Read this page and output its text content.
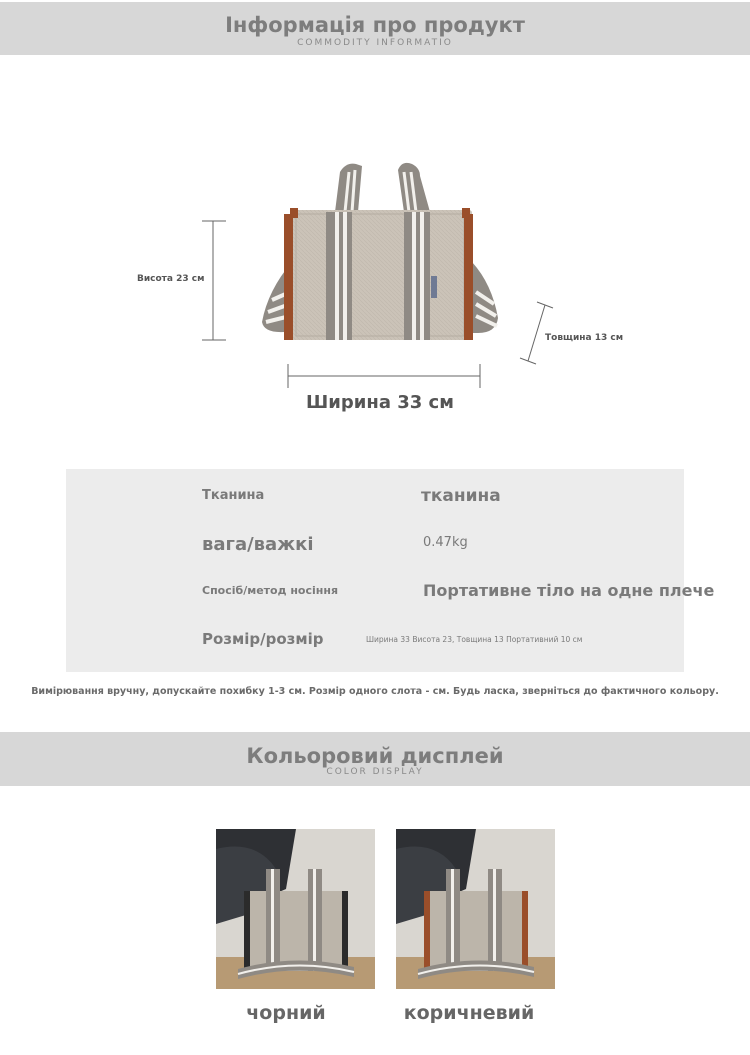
Інформація про продукт
COMMODITY INFORMATIO
Висота 23 см
Товщина 13 см
Ширина 33 см
Тканина	тканина
вага/важкі	0.47kg
Спосіб/метод носіння	Портативне тіло на одне плече
Розмір/розмір	Ширина 33 Висота 23, Товщина 13 Портативний 10 см
Вимірювання вручну, допускайте похибку 1-3 см. Розмір одного слота - см. Будь ласка, зверніться до фактичного кольору.
Кольоровий дисплей
COLOR DISPLAY
чорний	коричневий
